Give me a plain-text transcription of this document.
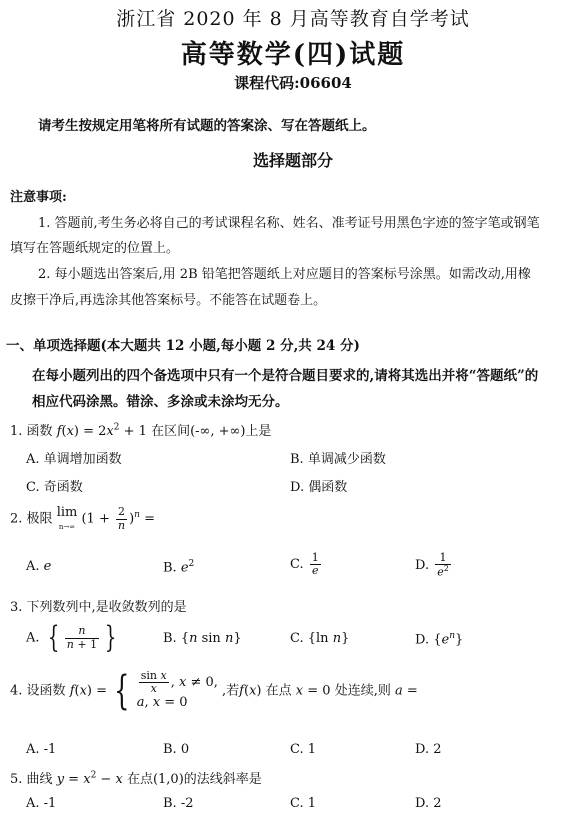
浙江省 2020 年 8 月高等教育自学考试
高等数学(四)试题
课程代码:06604
请考生按规定用笔将所有试题的答案涂、写在答题纸上。
选择题部分
注意事项:
1. 答题前,考生务必将自己的考试课程名称、姓名、准考证号用黑色字迹的签字笔或钢笔
填写在答题纸规定的位置上。
2. 每小题选出答案后,用 2B 铅笔把答题纸上对应题目的答案标号涂黑。如需改动,用橡
皮擦干净后,再选涂其他答案标号。不能答在试题卷上。
一、单项选择题(本大题共 12 小题,每小题 2 分,共 24 分)
在每小题列出的四个备选项中只有一个是符合题目要求的,请将其选出并将“答题纸”的
相应代码涂黑。错涂、多涂或未涂均无分。
1. 函数 $f(x) = 2x^2 + 1$ 在区间(-∞, +∞)上是
A. 单调增加函数	B. 单调减少函数
C. 奇函数	D. 偶函数
2. 极限 lim
n→∞ $(1 + \frac{2}{n} )^n$ =
A. e	B. $e^2$	C. $\frac{1}{e}$	D. $\frac{1}{e^2}$
3. 下列数列中,是收敛数列的是
A. { $\frac{n}{n + 1}$ }	B. {n sin n}	C. {ln n}	D. $\{e^n\}$
4. 设函数 f(x) = { $\frac{\text{sin x}}{x}$ , x ≠ 0,
a, x = 0 ,若f(x) 在点 x = 0 处连续,则 a =
A. -1	B. 0	C. 1	D. 2
5. 曲线 $y = x^2 - x$ 在点(1,0)的法线斜率是
A. -1	B. -2	C. 1	D. 2
